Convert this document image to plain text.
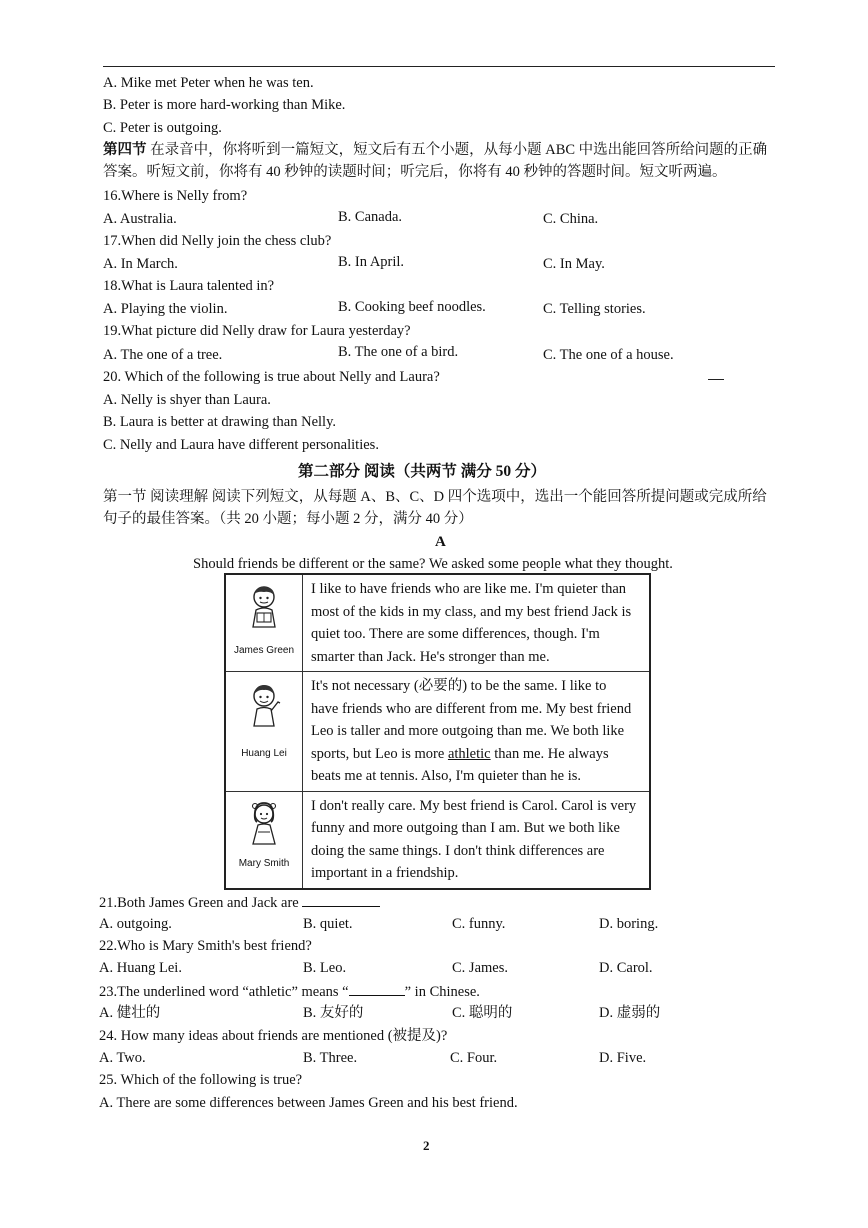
A. Mike met Peter when he was ten.
B. Peter is more hard-working than Mike.
C. Peter is outgoing.
第四节 在录音中，你将听到一篇短文，短文后有五个小题，从每小题 ABC 中选出能回答所给问题的正确
答案。听短文前，你将有 40 秒钟的读题时间；听完后，你将有 40 秒钟的答题时间。短文听两遍。
16.Where is Nelly from?
A. Australia.	B. Canada.	C. China.
17.When did Nelly join the chess club?
A. In March.	B. In April.	C. In May.
18.What is Laura talented in?
A. Playing the violin.	B. Cooking beef noodles.	C. Telling stories.
19.What picture did Nelly draw for Laura yesterday?
A. The one of a tree.	B. The one of a bird.	C. The one of a house.
20. Which of the following is true about Nelly and Laura?
A. Nelly is shyer than Laura.
B. Laura is better at drawing than Nelly.
C. Nelly and Laura have different personalities.
第二部分 阅读（共两节 满分 50 分）
第一节 阅读理解 阅读下列短文，从每题 A、B、C、D 四个选项中，选出一个能回答所提问题或完成所给
句子的最佳答案。（共 20 小题；每小题 2 分，满分 40 分）
A
Should friends be different or the same? We asked some people what they thought.
James Green	I like to have friends who are like me. I'm quieter than
most of the kids in my class, and my best friend Jack is
quiet too. There are some differences, though. I'm
smarter than Jack. He's stronger than me.

Huang Lei	It's not necessary (必要的) to be the same. I like to
have friends who are different from me. My best friend
Leo is taller and more outgoing than me. We both like
sports, but Leo is more athletic than me. He always
beats me at tennis. Also, I'm quieter than he is.

Mary Smith	I don't really care. My best friend is Carol. Carol is very
funny and more outgoing than I am. But we both like
doing the same things. I don't think differences are
important in a friendship.
21.Both James Green and Jack are
A. outgoing.	B. quiet.	C. funny.	D. boring.
22.Who is Mary Smith's best friend?
A. Huang Lei.	B. Leo.	C. James.	D. Carol.
23.The underlined word “athletic” means “	” in Chinese.
A. 健壮的	B. 友好的	C. 聪明的	D. 虚弱的
24. How many ideas about friends are mentioned (被提及)?
A. Two.	B. Three.	C. Four.	D. Five.
25. Which of the following is true?
A. There are some differences between James Green and his best friend.
2
